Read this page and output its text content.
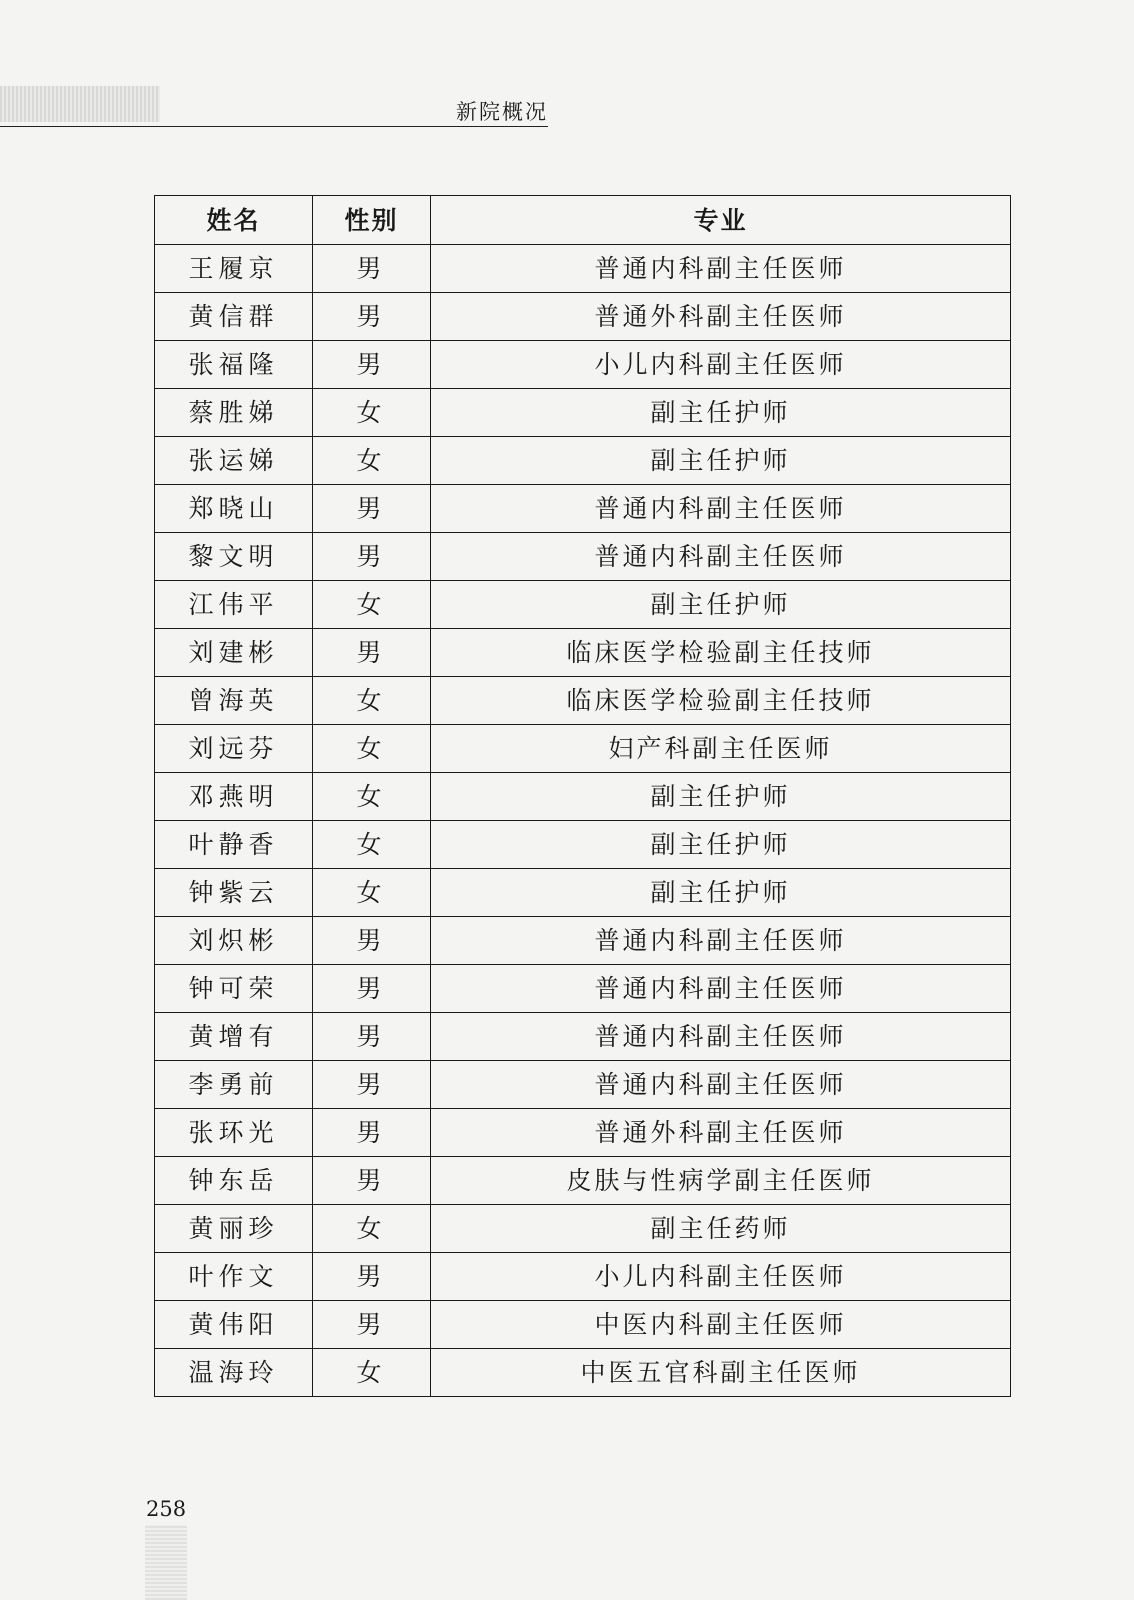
新院概况
姓名	性别	专业
王履京	男	普通内科副主任医师
黄信群	男	普通外科副主任医师
张福隆	男	小儿内科副主任医师
蔡胜娣	女	副主任护师
张运娣	女	副主任护师
郑晓山	男	普通内科副主任医师
黎文明	男	普通内科副主任医师
江伟平	女	副主任护师
刘建彬	男	临床医学检验副主任技师
曾海英	女	临床医学检验副主任技师
刘远芬	女	妇产科副主任医师
邓燕明	女	副主任护师
叶静香	女	副主任护师
钟紫云	女	副主任护师
刘炽彬	男	普通内科副主任医师
钟可荣	男	普通内科副主任医师
黄增有	男	普通内科副主任医师
李勇前	男	普通内科副主任医师
张环光	男	普通外科副主任医师
钟东岳	男	皮肤与性病学副主任医师
黄丽珍	女	副主任药师
叶作文	男	小儿内科副主任医师
黄伟阳	男	中医内科副主任医师
温海玲	女	中医五官科副主任医师
258
